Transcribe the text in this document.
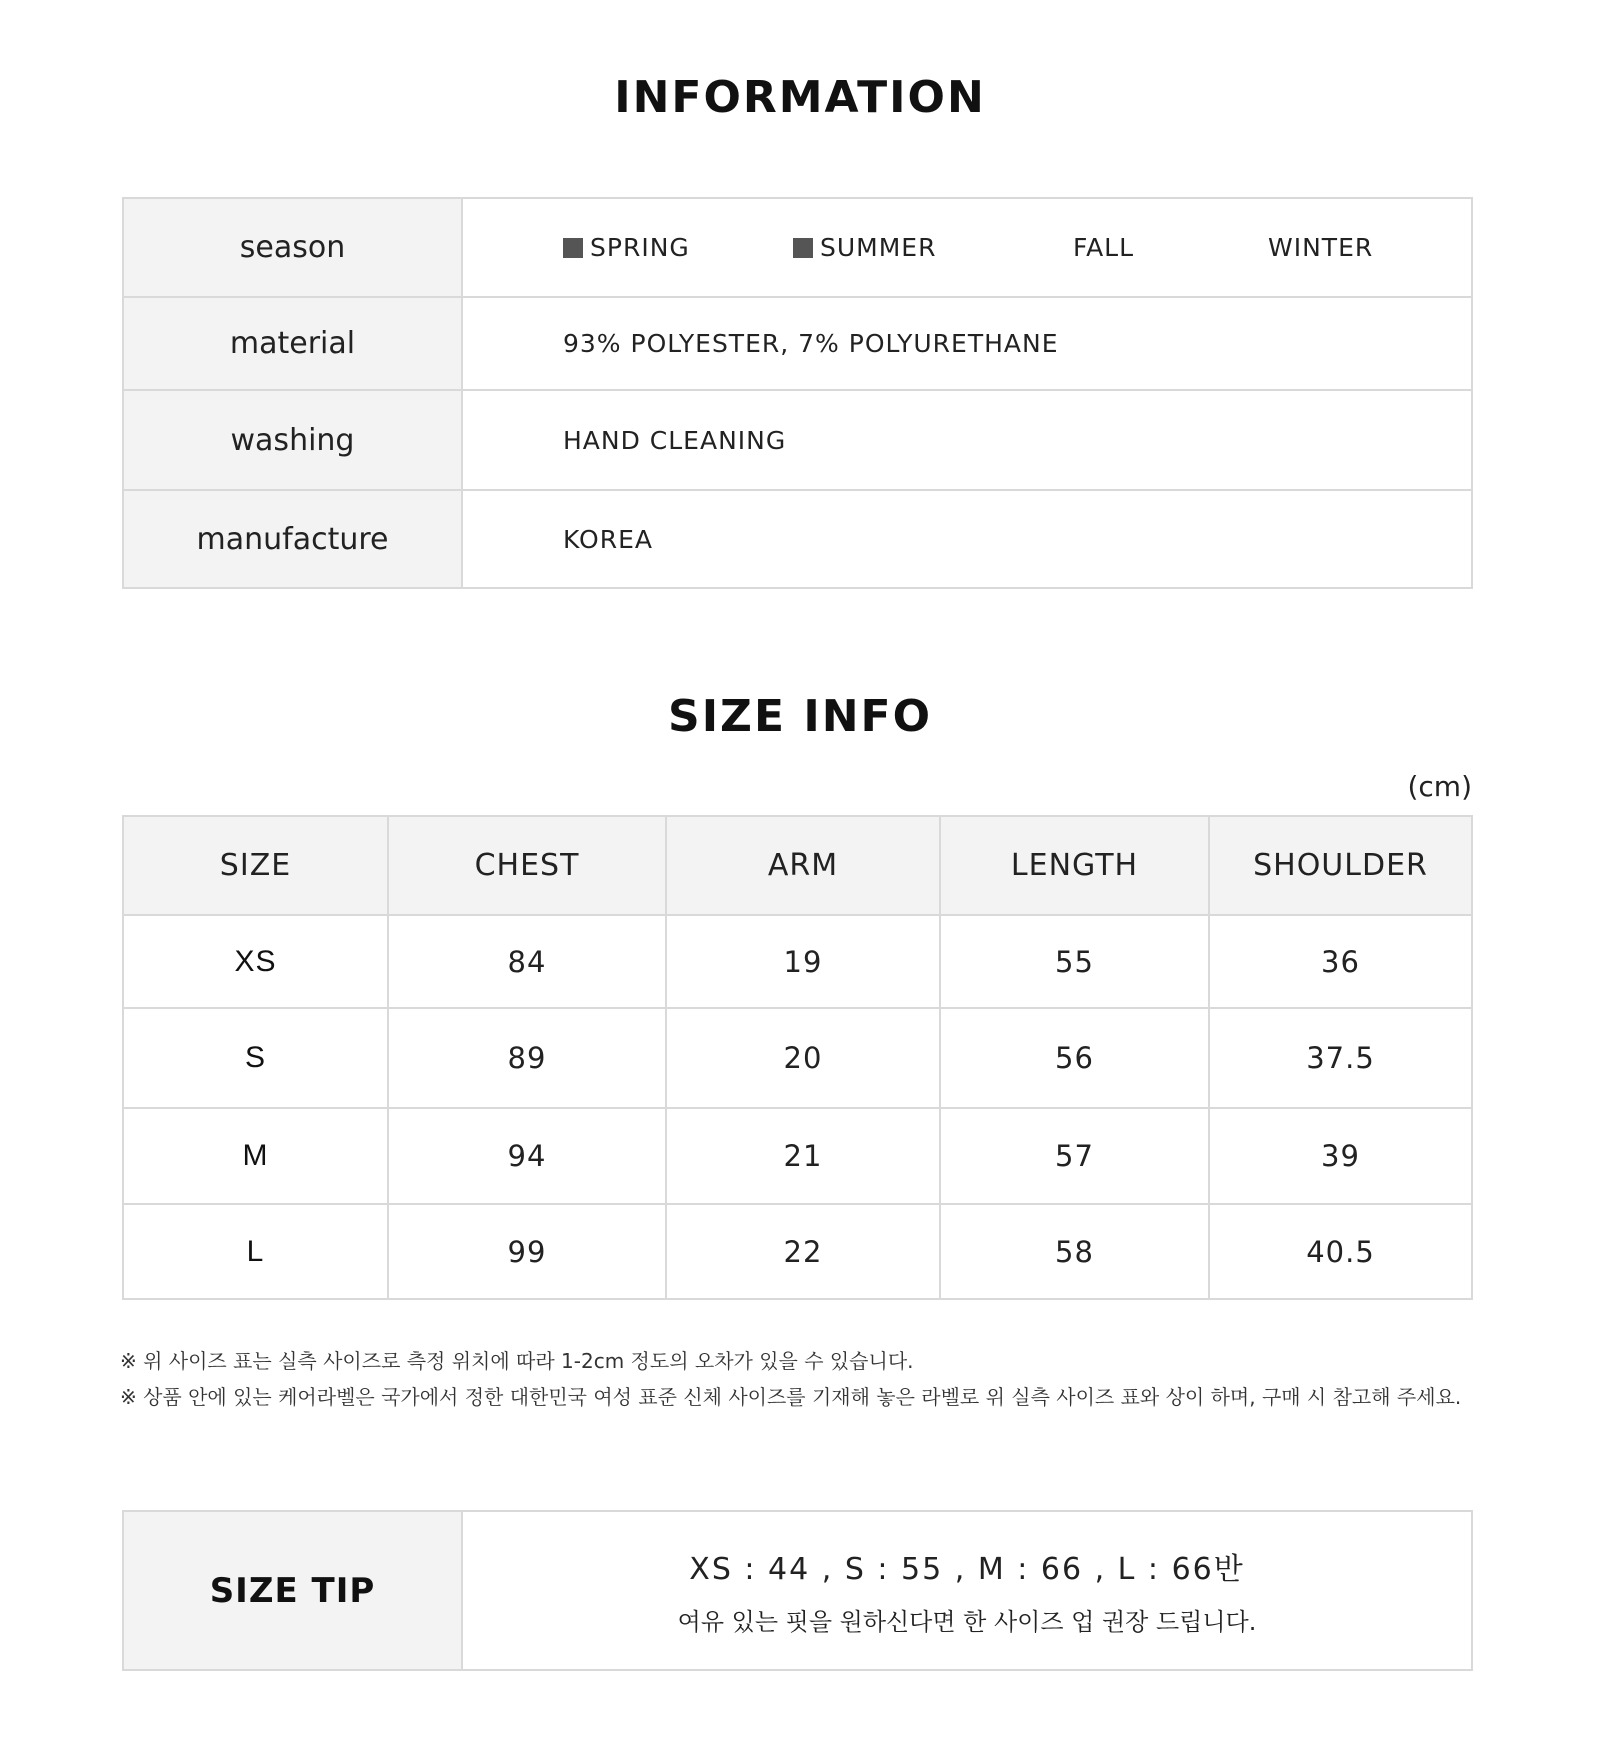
INFORMATION
season	SPRING SUMMER FALL WINTER

material	93% POLYESTER, 7% POLYURETHANE
washing	HAND CLEANING
manufacture	KOREA
SIZE INFO
(cm)
SIZE	CHEST	ARM	LENGTH	SHOULDER
XS	84	19	55	36
S	89	20	56	37.5
M	94	21	57	39
L	99	22	58	40.5
※ 위 사이즈 표는 실측 사이즈로 측정 위치에 따라 1-2cm 정도의 오차가 있을 수 있습니다.
※ 상품 안에 있는 케어라벨은 국가에서 정한 대한민국 여성 표준 신체 사이즈를 기재해 놓은 라벨로 위 실측 사이즈 표와 상이 하며, 구매 시 참고해 주세요.
SIZE TIP	
XS : 44 , S : 55 , M : 66 , L : 66반
여유 있는 핏을 원하신다면 한 사이즈 업 권장 드립니다.
